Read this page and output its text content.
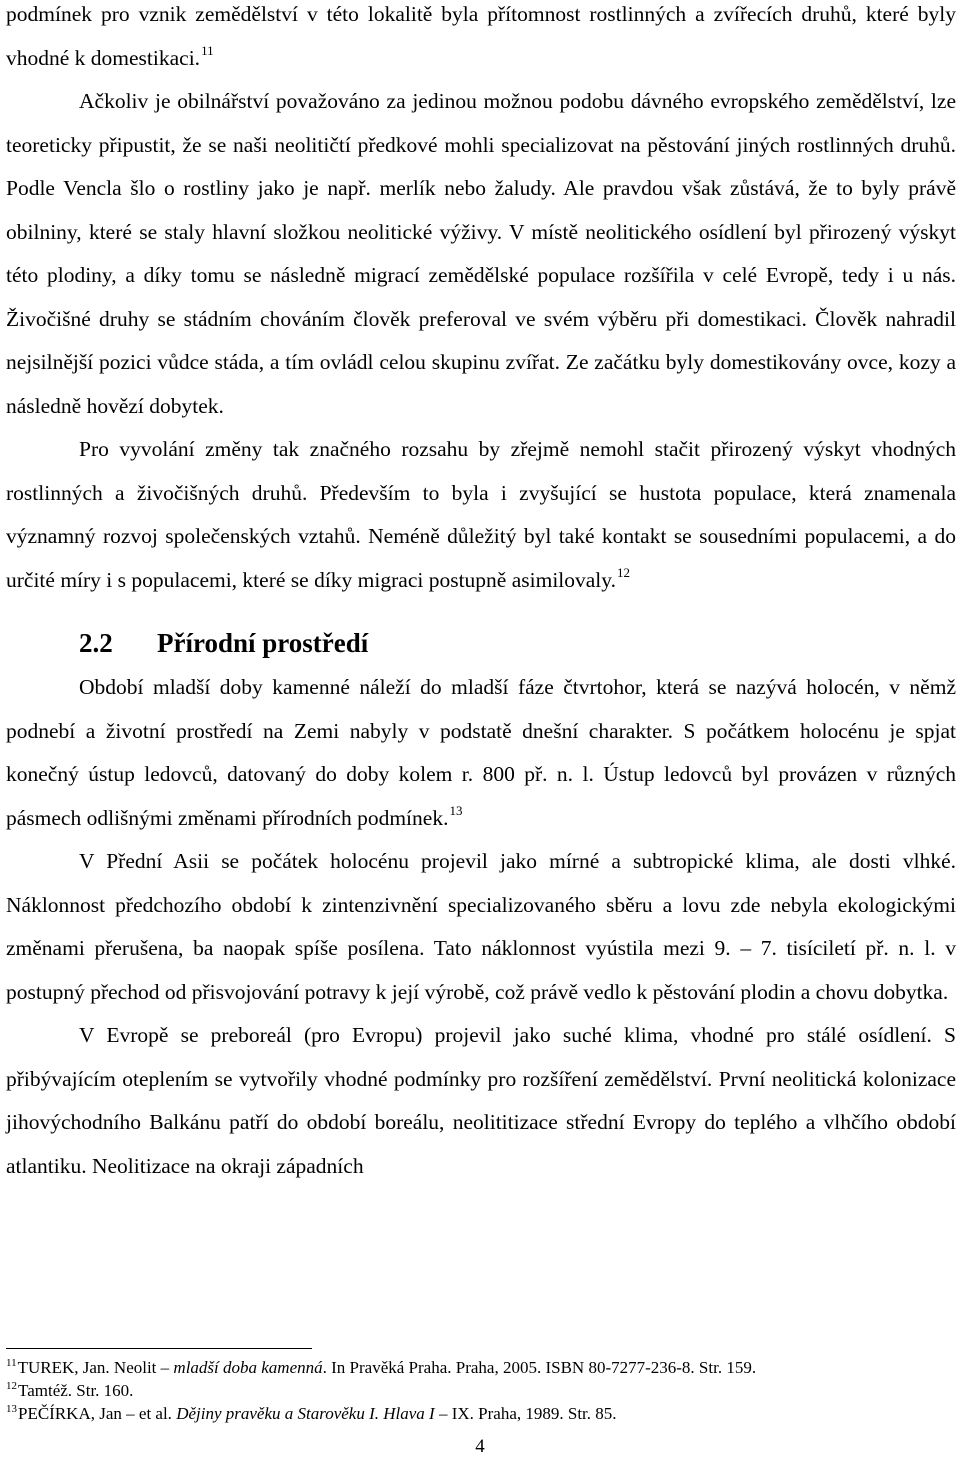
podmínek pro vznik zemědělství v této lokalitě byla přítomnost rostlinných a zvířecích druhů, které byly vhodné k domestikaci.$^{11}$

Ačkoliv je obilnářství považováno za jedinou možnou podobu dávného evropského zemědělství, lze teoreticky připustit, že se naši neolitičtí předkové mohli specializovat na pěstování jiných rostlinných druhů. Podle Vencla šlo o rostliny jako je např. merlík nebo žaludy. Ale pravdou však zůstává, že to byly právě obilniny, které se staly hlavní složkou neolitické výživy. V místě neolitického osídlení byl přirozený výskyt této plodiny, a díky tomu se následně migrací zemědělské populace rozšířila v celé Evropě, tedy i u nás. Živočišné druhy se stádním chováním člověk preferoval ve svém výběru při domestikaci. Člověk nahradil nejsilnější pozici vůdce stáda, a tím ovládl celou skupinu zvířat. Ze začátku byly domestikovány ovce, kozy a následně hovězí dobytek.

Pro vyvolání změny tak značného rozsahu by zřejmě nemohl stačit přirozený výskyt vhodných rostlinných a živočišných druhů. Především to byla i zvyšující se hustota populace, která znamenala významný rozvoj společenských vztahů. Neméně důležitý byl také kontakt se sousedními populacemi, a do určité míry i s populacemi, které se díky migraci postupně asimilovaly.$^{12}$

2.2 Přírodní prostředí

Období mladší doby kamenné náleží do mladší fáze čtvrtohor, která se nazývá holocén, v němž podnebí a životní prostředí na Zemi nabyly v podstatě dnešní charakter. S počátkem holocénu je spjat konečný ústup ledovců, datovaný do doby kolem r. 800 př. n. l. Ústup ledovců byl provázen v různých pásmech odlišnými změnami přírodních podmínek.$^{13}$

V Přední Asii se počátek holocénu projevil jako mírné a subtropické klima, ale dosti vlhké. Náklonnost předchozího období k zintenzivnění specializovaného sběru a lovu zde nebyla ekologickými změnami přerušena, ba naopak spíše posílena. Tato náklonnost vyústila mezi 9. – 7. tisíciletí př. n. l. v postupný přechod od přisvojování potravy k její výrobě, což právě vedlo k pěstování plodin a chovu dobytka.

V Evropě se preboreál (pro Evropu) projevil jako suché klima, vhodné pro stálé osídlení. S přibývajícím oteplením se vytvořily vhodné podmínky pro rozšíření zemědělství. První neolitická kolonizace jihovýchodního Balkánu patří do období boreálu, neolititizace střední Evropy do teplého a vlhčího období atlantiku. Neolitizace na okraji západních

$^{11}$TUREK, Jan. Neolit – mladší doba kamenná. In Pravěká Praha. Praha, 2005. ISBN 80-7277-236-8. Str. 159.

$^{12}$Tamtéž. Str. 160.

$^{13}$PEČÍRKA, Jan – et al. Dějiny pravěku a Starověku I. Hlava I – IX. Praha, 1989. Str. 85.

4
